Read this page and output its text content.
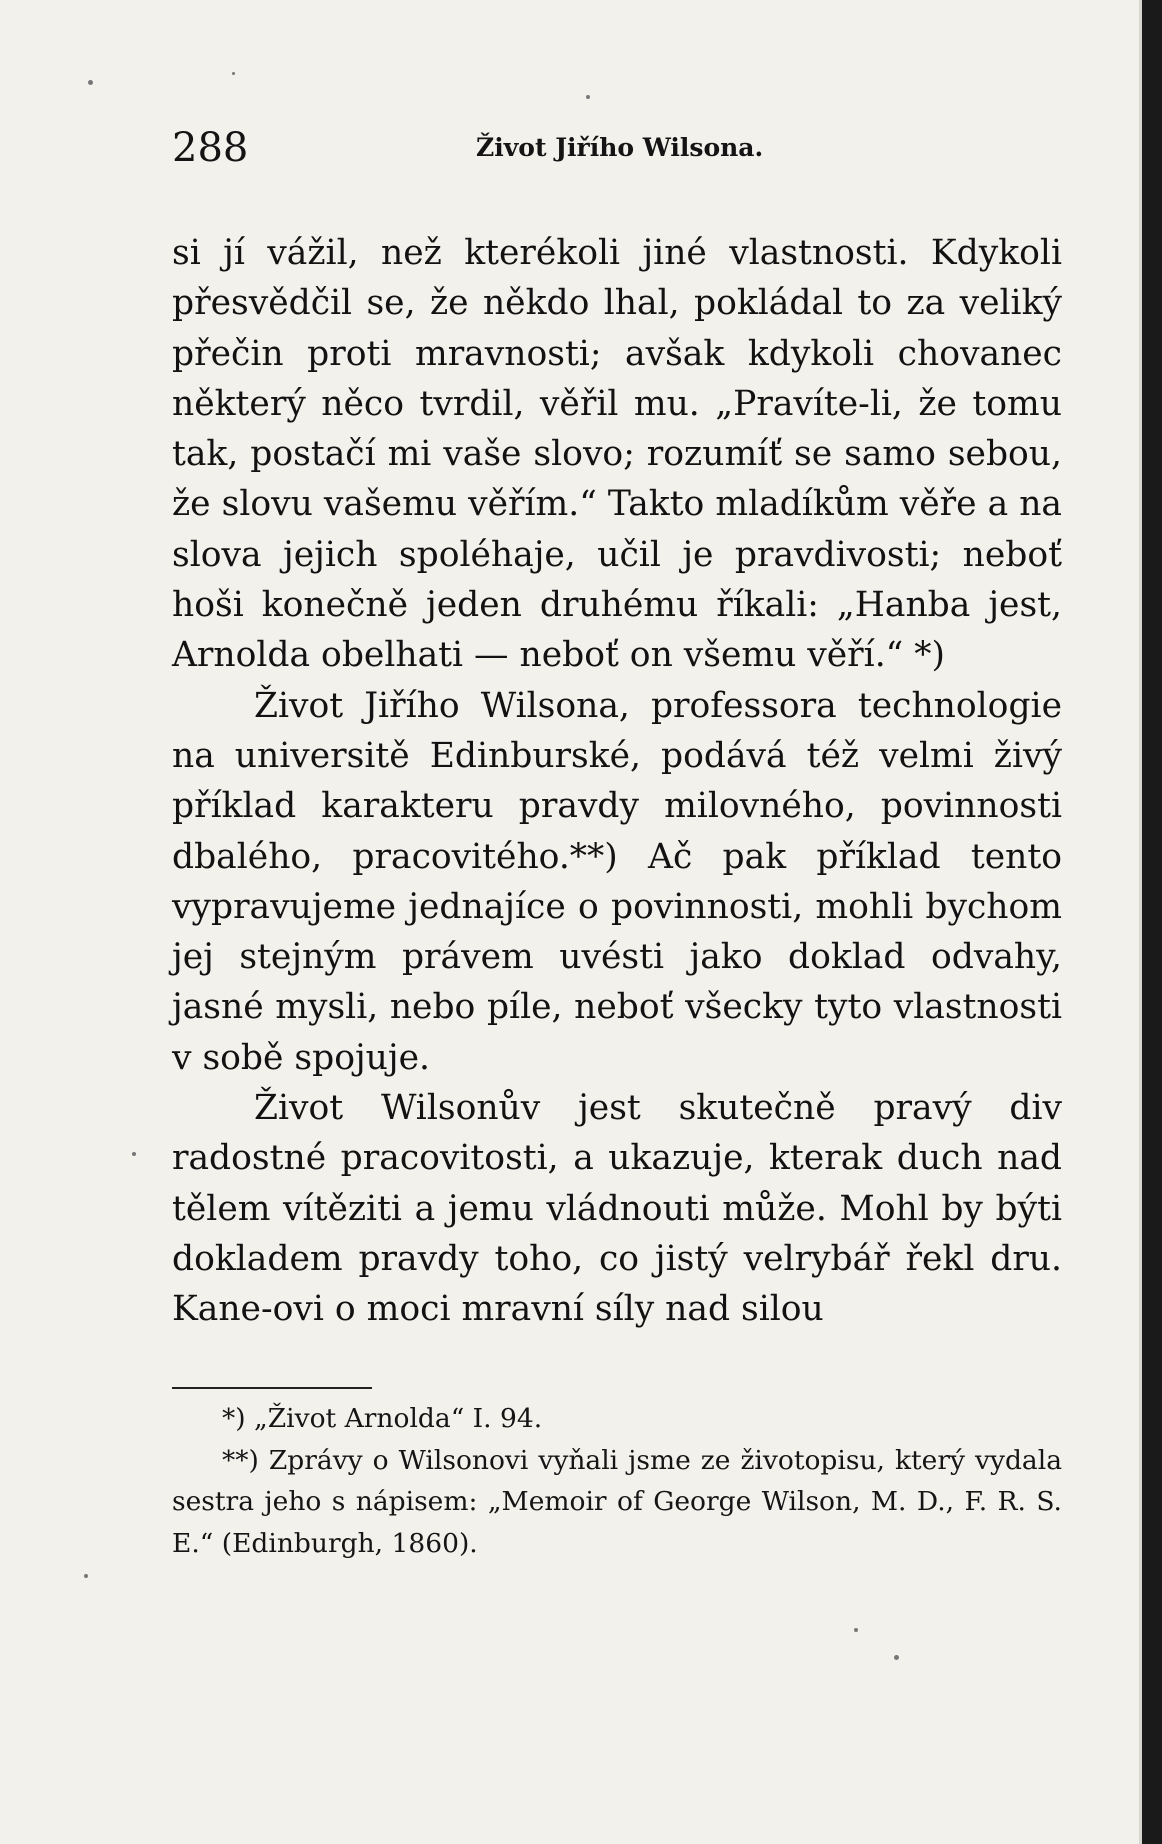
288	Život Jiřího Wilsona.

si jí vážil, než kterékoli jiné vlastnosti. Kdykoli přesvědčil se, že někdo lhal, pokládal to za veliký přečin proti mravnosti; avšak kdykoli chovanec některý něco tvrdil, věřil mu. „Pravíte-li, že tomu tak, postačí mi vaše slovo; rozumíť se samo sebou, že slovu vašemu věřím.“ Takto mladíkům věře a na slova jejich spoléhaje, učil je pravdivosti; neboť hoši konečně jeden druhému říkali: „Hanba jest, Arnolda obelhati — neboť on všemu věří.“ *)

Život Jiřího Wilsona, professora technologie na universitě Edinburské, podává též velmi živý příklad karakteru pravdy milovného, povinnosti dbalého, pracovitého.**) Ač pak příklad tento vypravujeme jednajíce o povinnosti, mohli bychom jej stejným právem uvésti jako doklad odvahy, jasné mysli, nebo píle, neboť všecky tyto vlastnosti v sobě spojuje.

Život Wilsonův jest skutečně pravý div radostné pracovitosti, a ukazuje, kterak duch nad tělem vítěziti a jemu vládnouti může. Mohl by býti dokladem pravdy toho, co jistý velrybář řekl dru. Kane-ovi o moci mravní síly nad silou

*) „Život Arnolda“ I. 94.

**) Zprávy o Wilsonovi vyňali jsme ze životopisu, který vydala sestra jeho s nápisem: „Memoir of George Wilson, M. D., F. R. S. E.“ (Edinburgh, 1860).
